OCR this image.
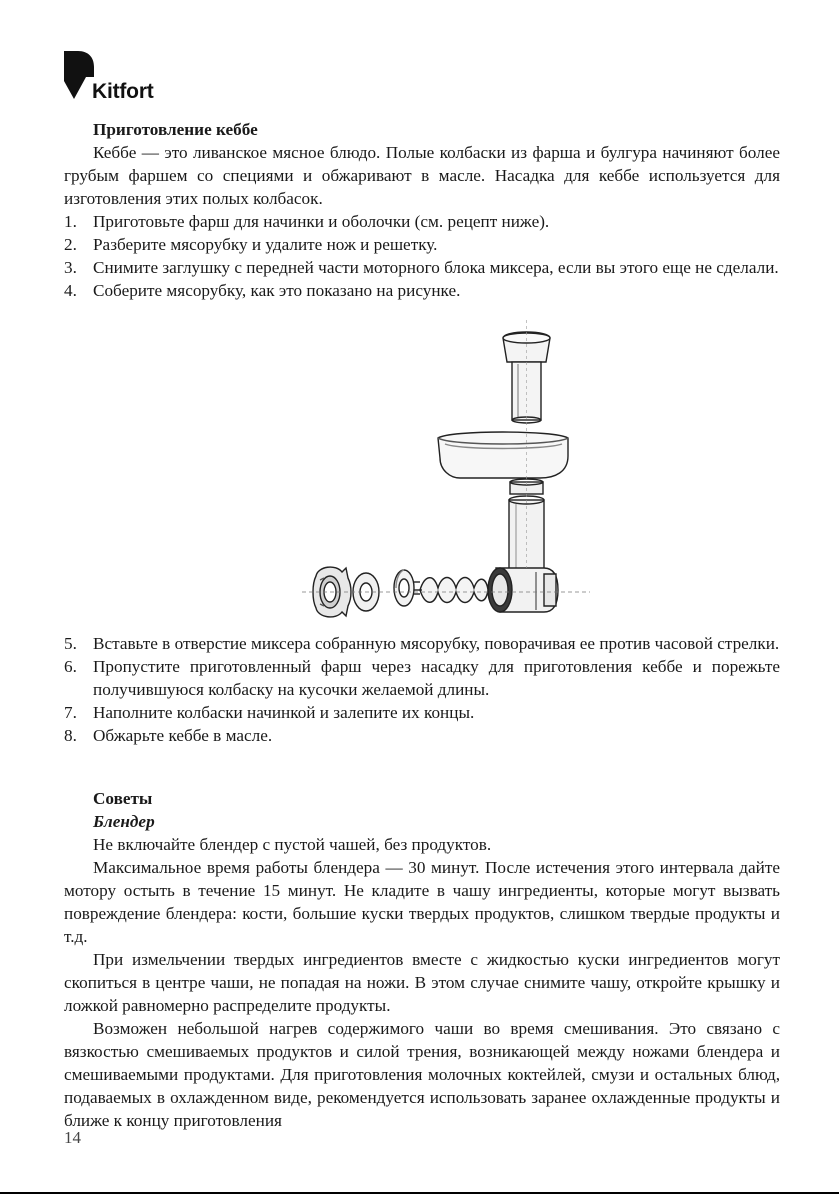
Kitfort

Приготовление кеббе

Кеббе — это ливанское мясное блюдо. Полые колбаски из фарша и булгура начиняют более грубым фаршем со специями и обжаривают в масле. Насадка для кеббе используется для изготовления этих полых колбасок.

1. Приготовьте фарш для начинки и оболочки (см. рецепт ниже).

2. Разберите мясорубку и удалите нож и решетку.

3. Снимите заглушку с передней части моторного блока миксера, если вы этого еще не сделали.

4. Соберите мясорубку, как это показано на рисунке.

5. Вставьте в отверстие миксера собранную мясорубку, поворачивая ее против часовой стрелки.

6. Пропустите приготовленный фарш через насадку для приготовления кеббе и порежьте получившуюся колбаску на кусочки желаемой длины.

7. Наполните колбаски начинкой и залепите их концы.

8. Обжарьте кеббе в масле.

Советы

Блендер

Не включайте блендер с пустой чашей, без продуктов.

Максимальное время работы блендера — 30 минут. После истечения этого интервала дайте мотору остыть в течение 15 минут. Не кладите в чашу ингредиенты, которые могут вызвать повреждение блендера: кости, большие куски твердых продуктов, слишком твердые продукты и т.д.

При измельчении твердых ингредиентов вместе с жидкостью куски ингредиентов могут скопиться в центре чаши, не попадая на ножи. В этом случае снимите чашу, откройте крышку и ложкой равномерно распределите продукты.

Возможен небольшой нагрев содержимого чаши во время смешивания. Это связано с вязкостью смешиваемых продуктов и силой трения, возникающей между ножами блендера и смешиваемыми продуктами. Для приготовления молочных коктейлей, смузи и остальных блюд, подаваемых в охлажденном виде, рекомендуется использовать заранее охлажденные продукты и ближе к концу приготовления

14
